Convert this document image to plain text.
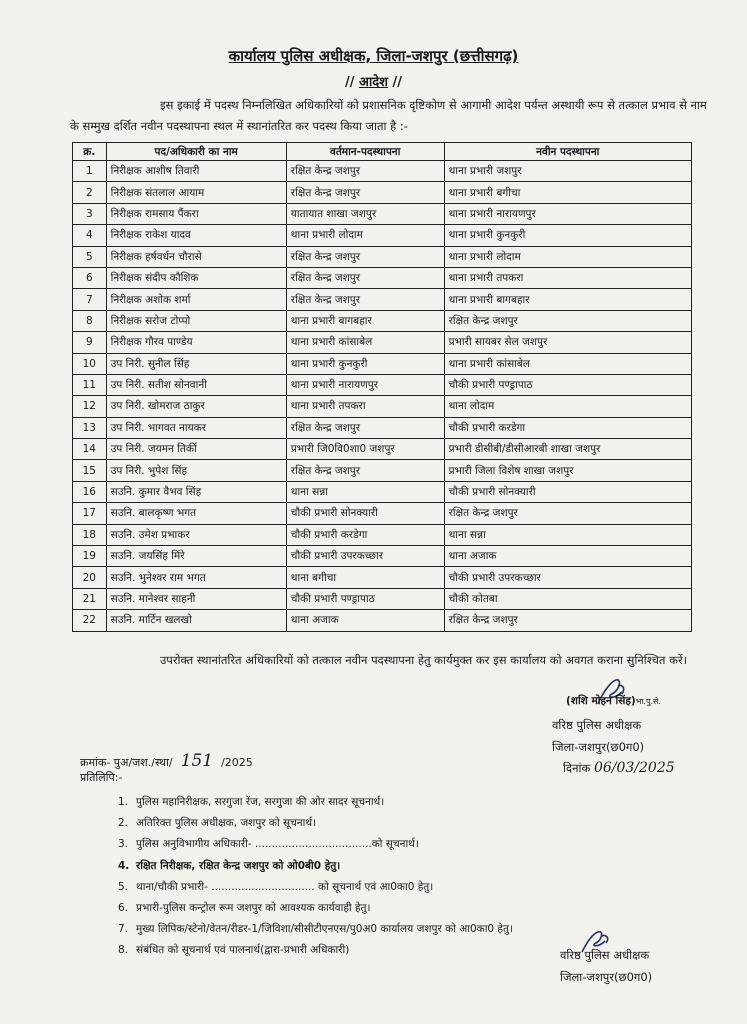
कार्यालय पुलिस अधीक्षक, जिला-जशपुर (छत्तीसगढ़)
// आदेश //
इस इकाई में पदस्थ निम्नलिखित अधिकारियों को प्रशासनिक दृष्टिकोण से आगामी आदेश पर्यन्त अस्थायी रूप से तत्काल प्रभाव से नाम के सम्मुख दर्शित नवीन पदस्थापना स्थल में स्थानांतरित कर पदस्थ किया जाता है :-
क्र.	पद/अधिकारी का नाम	वर्तमान-पदस्थापना	नवीन पदस्थापना
1	निरीक्षक आशीष तिवारी	रक्षित केन्द्र जशपुर	थाना प्रभारी जशपुर
2	निरीक्षक संतलाल आयाम	रक्षित केन्द्र जशपुर	थाना प्रभारी बगीचा
3	निरीक्षक रामसाय पैंकरा	यातायात शाखा जशपुर	थाना प्रभारी नारायणपुर
4	निरीक्षक राकेश यादव	थाना प्रभारी लोदाम	थाना प्रभारी कुनकुरी
5	निरीक्षक हर्षवर्धन चौरासे	रक्षित केन्द्र जशपुर	थाना प्रभारी लोदाम
6	निरीक्षक संदीप कौशिक	रक्षित केन्द्र जशपुर	थाना प्रभारी तपकरा
7	निरीक्षक अशोक शर्मा	रक्षित केन्द्र जशपुर	थाना प्रभारी बागबहार
8	निरीक्षक सरोज टोप्पो	थाना प्रभारी बागबहार	रक्षित केन्द्र जशपुर
9	निरीक्षक गौरव पाण्डेय	थाना प्रभारी कांसाबेल	प्रभारी सायबर सेल जशपुर
10	उप निरी. सुनील सिंह	थाना प्रभारी कुनकुरी	थाना प्रभारी कांसाबेल
11	उप निरी. सतीश सोनवानी	थाना प्रभारी नारायणपुर	चौकी प्रभारी पण्ड्रापाठ
12	उप निरी. खोमराज ठाकुर	थाना प्रभारी तपकरा	थाना लोदाम
13	उप निरी. भागवत नायकर	रक्षित केन्द्र जशपुर	चौकी प्रभारी करडेगा
14	उप निरी. जयमन तिर्की	प्रभारी जि0वि0शा0 जशपुर	प्रभारी डीसीबी/डीसीआरबी शाखा जशपुर
15	उप निरी. भुपेश सिंह	रक्षित केन्द्र जशपुर	प्रभारी जिला विशेष शाखा जशपुर
16	सउनि. कुमार वैभव सिंह	थाना सन्ना	चौकी प्रभारी सोनक्यारी
17	सउनि. बालकृष्ण भगत	चौकी प्रभारी सोनक्यारी	रक्षित केन्द्र जशपुर
18	सउनि. उमेश प्रभाकर	चौकी प्रभारी करडेगा	थाना सन्ना
19	सउनि. जयसिंह मिंरे	चौकी प्रभारी उपरकच्छार	थाना अजाक
20	सउनि. भुनेश्वर राम भगत	थाना बगीचा	चौकी प्रभारी उपरकच्छार
21	सउनि. मानेश्वर साहनी	चौकी प्रभारी पण्ड्रापाठ	चौकी कोतबा
22	सउनि. मार्टिन खलखो	थाना अजाक	रक्षित केन्द्र जशपुर
उपरोक्त स्थानांतरित अधिकारियों को तत्काल नवीन पदस्थापना हेतु कार्यमुक्त कर इस कार्यालय को अवगत कराना सुनिश्चित करें।
(शशि मोहन सिंह)भा.पु.से.
वरिष्ठ पुलिस अधीक्षक
जिला-जशपुर(छ0ग0)
क्रमांक- पुअ/जश./स्था/ 151 /2025	दिनांक 06/03/2025
प्रतिलिपि:-
1. पुलिस महानिरीक्षक, सरगुजा रेंज, सरगुजा की ओर सादर सूचनार्थ।
2. अतिरिक्त पुलिस अधीक्षक, जशपुर को सूचनार्थ।
3. पुलिस अनुविभागीय अधिकारी- ...................................को सूचनार्थ।
4. रक्षित निरीक्षक, रक्षित केन्द्र जशपुर को ओ0बी0 हेतु।
5. थाना/चौकी प्रभारी- ............................... को सूचनार्थ एवं आ0का0 हेतु।
6. प्रभारी-पुलिस कन्ट्रोल रूम जशपुर को आवश्यक कार्यवाही हेतु।
7. मुख्य लिपिक/स्टेनो/वेतन/रीडर-1/जिविशा/सीसीटीएनएस/पु0अ0 कार्यालय जशपुर को आ0का0 हेतु।
8. संबंधित को सूचनार्थ एवं पालनार्थ(द्वारा-प्रभारी अधिकारी)	वरिष्ठ पुलिस अधीक्षक
जिला-जशपुर(छ0ग0)
